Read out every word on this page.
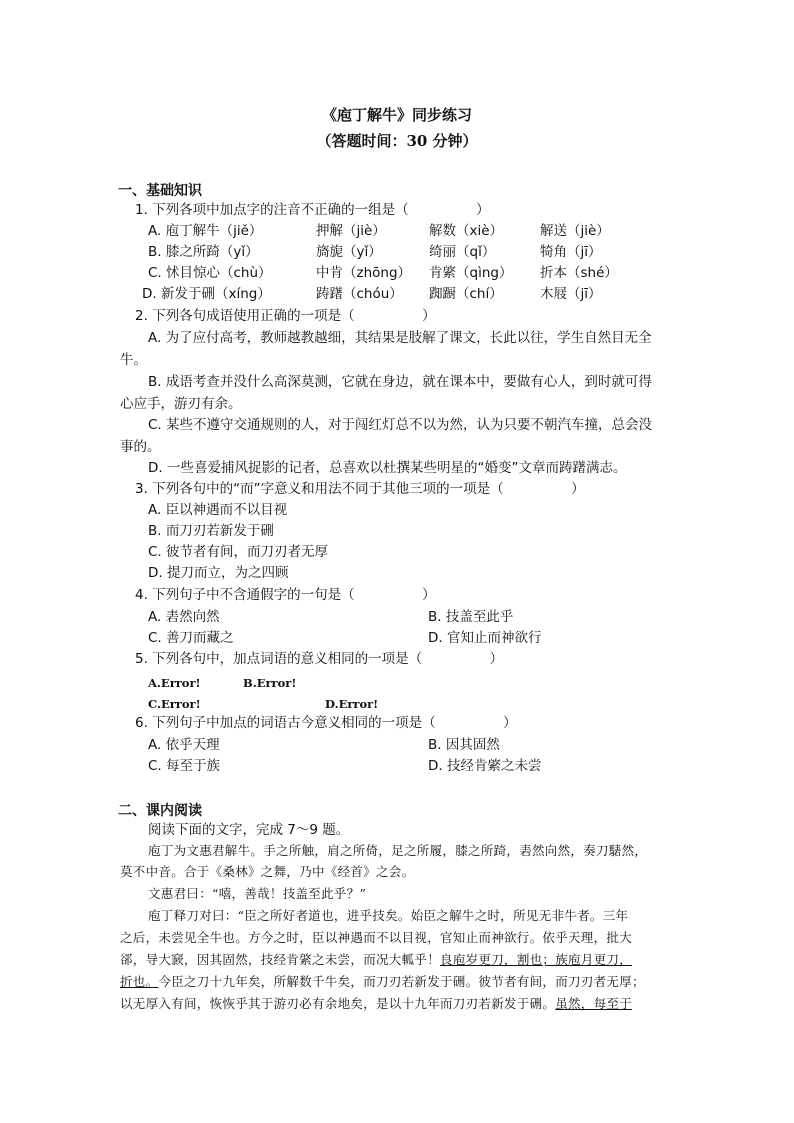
《庖丁解牛》同步练习
（答题时间：30 分钟）
一、基础知识
1. 下列各项中加点字的注音不正确的一组是（　　　　　）
A. 庖丁解牛（jiě）	押解（jiè）	解数（xiè）	解送（jiè）
B. 膝之所踦（yǐ）	旖旎（yǐ）	绮丽（qǐ）	犄角（jī）
C. 怵目惊心（chù）	中肯（zhōng） 肯綮（qìng） 折本（shé）
D. 新发于硎（xíng）	踌躇（chóu） 踟蹰（chí）	木屐（jī）
2. 下列各句成语使用正确的一项是（　　　　　）
A. 为了应付高考，教师越教越细，其结果是肢解了课文，长此以往，学生自然目无全
牛。
B. 成语考查并没什么高深莫测，它就在身边，就在课本中，要做有心人，到时就可得
心应手，游刃有余。
C. 某些不遵守交通规则的人，对于闯红灯总不以为然，认为只要不朝汽车撞，总会没
事的。
D. 一些喜爱捕风捉影的记者，总喜欢以杜撰某些明星的“婚变”文章而踌躇满志。
3. 下列各句中的“而”字意义和用法不同于其他三项的一项是（　　　　　）
A. 臣以神遇而不以目视
B. 而刀刃若新发于硎
C. 彼节者有间，而刀刃者无厚
D. 提刀而立，为之四顾
4. 下列句子中不含通假字的一句是（　　　　　）
A. 砉然向然	B. 技盖至此乎
C. 善刀而藏之	D. 官知止而神欲行
5. 下列各句中，加点词语的意义相同的一项是（　　　　　）
A.Error!	B.Error!
C.Error!	D.Error!
6. 下列句子中加点的词语古今意义相同的一项是（　　　　　）
A. 依乎天理	B. 因其固然
C. 每至于族	D. 技经肯綮之未尝
二、课内阅读
阅读下面的文字，完成 7～9 题。
庖丁为文惠君解牛。手之所触，肩之所倚，足之所履，膝之所踦，砉然向然，奏刀騞然，
莫不中音。合于《桑林》之舞，乃中《经首》之会。
文惠君曰：“嘻，善哉！技盖至此乎？”
庖丁释刀对曰：“臣之所好者道也，进乎技矣。始臣之解牛之时，所见无非牛者。三年
之后，未尝见全牛也。方今之时，臣以神遇而不以目视，官知止而神欲行。依乎天理，批大
郤，导大窾，因其固然，技经肯綮之未尝，而况大軱乎！良庖岁更刀，割也；族庖月更刀，
折也。今臣之刀十九年矣，所解数千牛矣，而刀刃若新发于硎。彼节者有间，而刀刃者无厚；
以无厚入有间，恢恢乎其于游刃必有余地矣，是以十九年而刀刃若新发于硎。虽然，每至于
